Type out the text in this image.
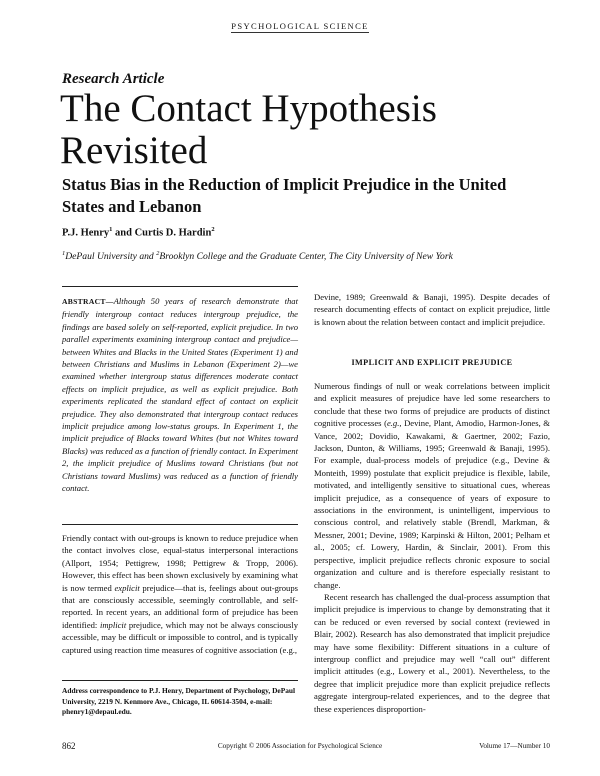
PSYCHOLOGICAL SCIENCE
Research Article
The Contact Hypothesis Revisited
Status Bias in the Reduction of Implicit Prejudice in the United States and Lebanon
P.J. Henry$^1$ and Curtis D. Hardin$^2$
$^1$DePaul University and $^2$Brooklyn College and the Graduate Center, The City University of New York

ABSTRACT—Although 50 years of research demonstrate that friendly intergroup contact reduces intergroup prejudice, the findings are based solely on self-reported, explicit prejudice. In two parallel experiments examining intergroup contact and prejudice—between Whites and Blacks in the United States (Experiment 1) and between Christians and Muslims in Lebanon (Experiment 2)—we examined whether intergroup status differences moderate contact effects on implicit prejudice, as well as explicit prejudice. Both experiments replicated the standard effect of contact on explicit prejudice. They also demonstrated that intergroup contact reduces implicit prejudice among low-status groups. In Experiment 1, the implicit prejudice of Blacks toward Whites (but not Whites toward Blacks) was reduced as a function of friendly contact. In Experiment 2, the implicit prejudice of Muslims toward Christians (but not Christians toward Muslims) was reduced as a function of friendly contact.

Friendly contact with out-groups is known to reduce prejudice when the contact involves close, equal-status interpersonal interactions (Allport, 1954; Pettigrew, 1998; Pettigrew & Tropp, 2006). However, this effect has been shown exclusively by examining what is now termed explicit prejudice—that is, feelings about out-groups that are consciously accessible, seemingly controllable, and self-reported. In recent years, an additional form of prejudice has been identified: implicit prejudice, which may not be always consciously accessible, may be difficult or impossible to control, and is typically captured using reaction time measures of cognitive association (e.g.,

Address correspondence to P.J. Henry, Department of Psychology, DePaul University, 2219 N. Kenmore Ave., Chicago, IL 60614-3504, e-mail: phenry1@depaul.edu.

Devine, 1989; Greenwald & Banaji, 1995). Despite decades of research documenting effects of contact on explicit prejudice, little is known about the relation between contact and implicit prejudice.

IMPLICIT AND EXPLICIT PREJUDICE

Numerous findings of null or weak correlations between implicit and explicit measures of prejudice have led some researchers to conclude that these two forms of prejudice are products of distinct cognitive processes (e.g., Devine, Plant, Amodio, Harmon-Jones, & Vance, 2002; Dovidio, Kawakami, & Gaertner, 2002; Fazio, Jackson, Dunton, & Williams, 1995; Greenwald & Banaji, 1995). For example, dual-process models of prejudice (e.g., Devine & Monteith, 1999) postulate that explicit prejudice is flexible, labile, motivated, and intelligently sensitive to situational cues, whereas implicit prejudice, as a consequence of years of exposure to associations in the environment, is unintelligent, impervious to conscious control, and relatively stable (Brendl, Markman, & Messner, 2001; Devine, 1989; Karpinski & Hilton, 2001; Pelham et al., 2005; cf. Lowery, Hardin, & Sinclair, 2001). From this perspective, implicit prejudice reflects chronic exposure to social organization and culture and is therefore especially resistant to change.

Recent research has challenged the dual-process assumption that implicit prejudice is impervious to change by demonstrating that it can be reduced or even reversed by social context (reviewed in Blair, 2002). Research has also demonstrated that implicit prejudice may have some flexibility: Different situations in a culture of intergroup conflict and prejudice may well “call out” different implicit attitudes (e.g., Lowery et al., 2001). Nevertheless, to the degree that implicit prejudice more than explicit prejudice reflects aggregate intergroup-related experiences, and to the degree that these experiences disproportion-

862	Copyright © 2006 Association for Psychological Science	Volume 17—Number 10
